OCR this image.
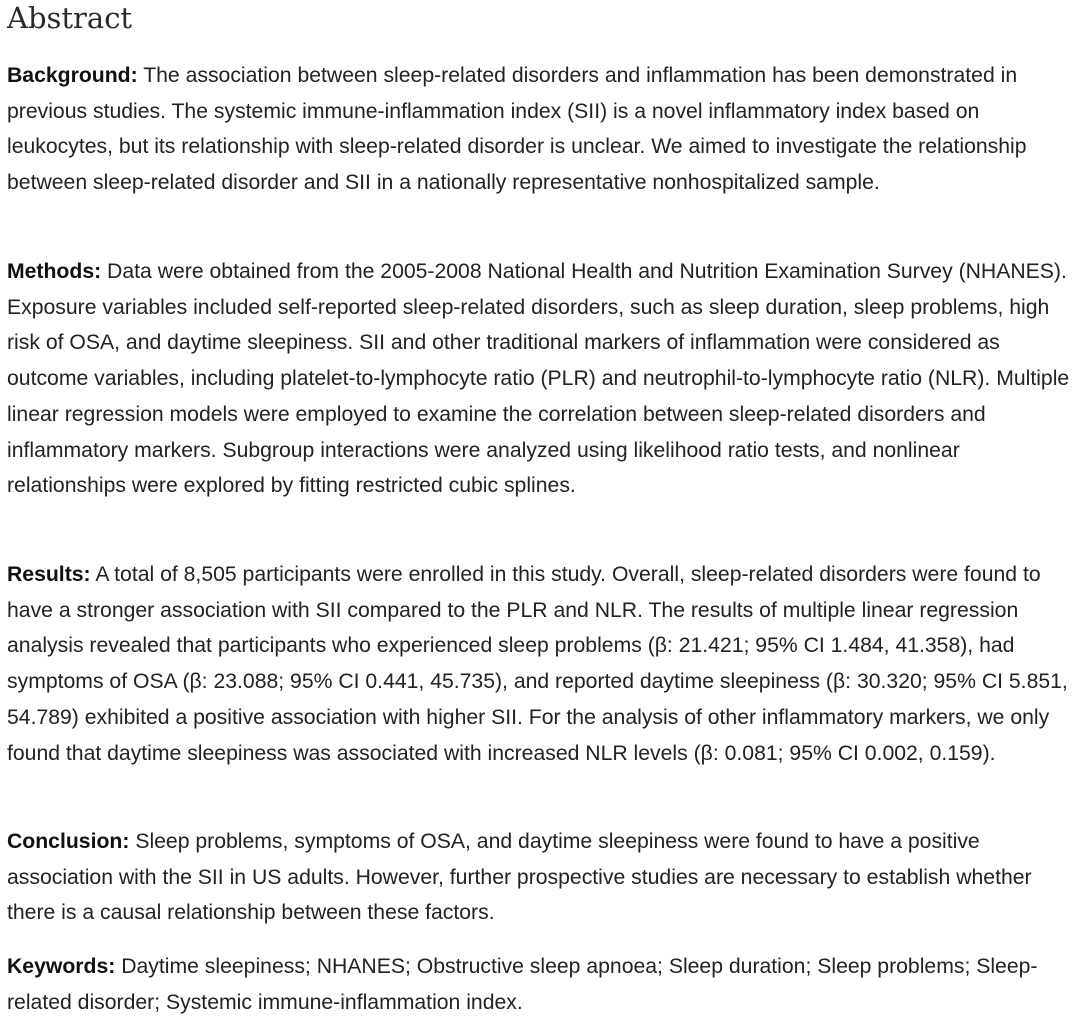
Abstract

Background: The association between sleep-related disorders and inflammation has been demonstrated in previous studies. The systemic immune-inflammation index (SII) is a novel inflammatory index based on leukocytes, but its relationship with sleep-related disorder is unclear. We aimed to investigate the relationship between sleep-related disorder and SII in a nationally representative nonhospitalized sample.

Methods: Data were obtained from the 2005-2008 National Health and Nutrition Examination Survey (NHANES). Exposure variables included self-reported sleep-related disorders, such as sleep duration, sleep problems, high risk of OSA, and daytime sleepiness. SII and other traditional markers of inflammation were considered as outcome variables, including platelet-to-lymphocyte ratio (PLR) and neutrophil-to-lymphocyte ratio (NLR). Multiple linear regression models were employed to examine the correlation between sleep-related disorders and inflammatory markers. Subgroup interactions were analyzed using likelihood ratio tests, and nonlinear relationships were explored by fitting restricted cubic splines.

Results: A total of 8,505 participants were enrolled in this study. Overall, sleep-related disorders were found to have a stronger association with SII compared to the PLR and NLR. The results of multiple linear regression analysis revealed that participants who experienced sleep problems (β: 21.421; 95% CI 1.484, 41.358), had symptoms of OSA (β: 23.088; 95% CI 0.441, 45.735), and reported daytime sleepiness (β: 30.320; 95% CI 5.851, 54.789) exhibited a positive association with higher SII. For the analysis of other inflammatory markers, we only found that daytime sleepiness was associated with increased NLR levels (β: 0.081; 95% CI 0.002, 0.159).

Conclusion: Sleep problems, symptoms of OSA, and daytime sleepiness were found to have a positive association with the SII in US adults. However, further prospective studies are necessary to establish whether there is a causal relationship between these factors.

Keywords: Daytime sleepiness; NHANES; Obstructive sleep apnoea; Sleep duration; Sleep problems; Sleep-related disorder; Systemic immune-inflammation index.
